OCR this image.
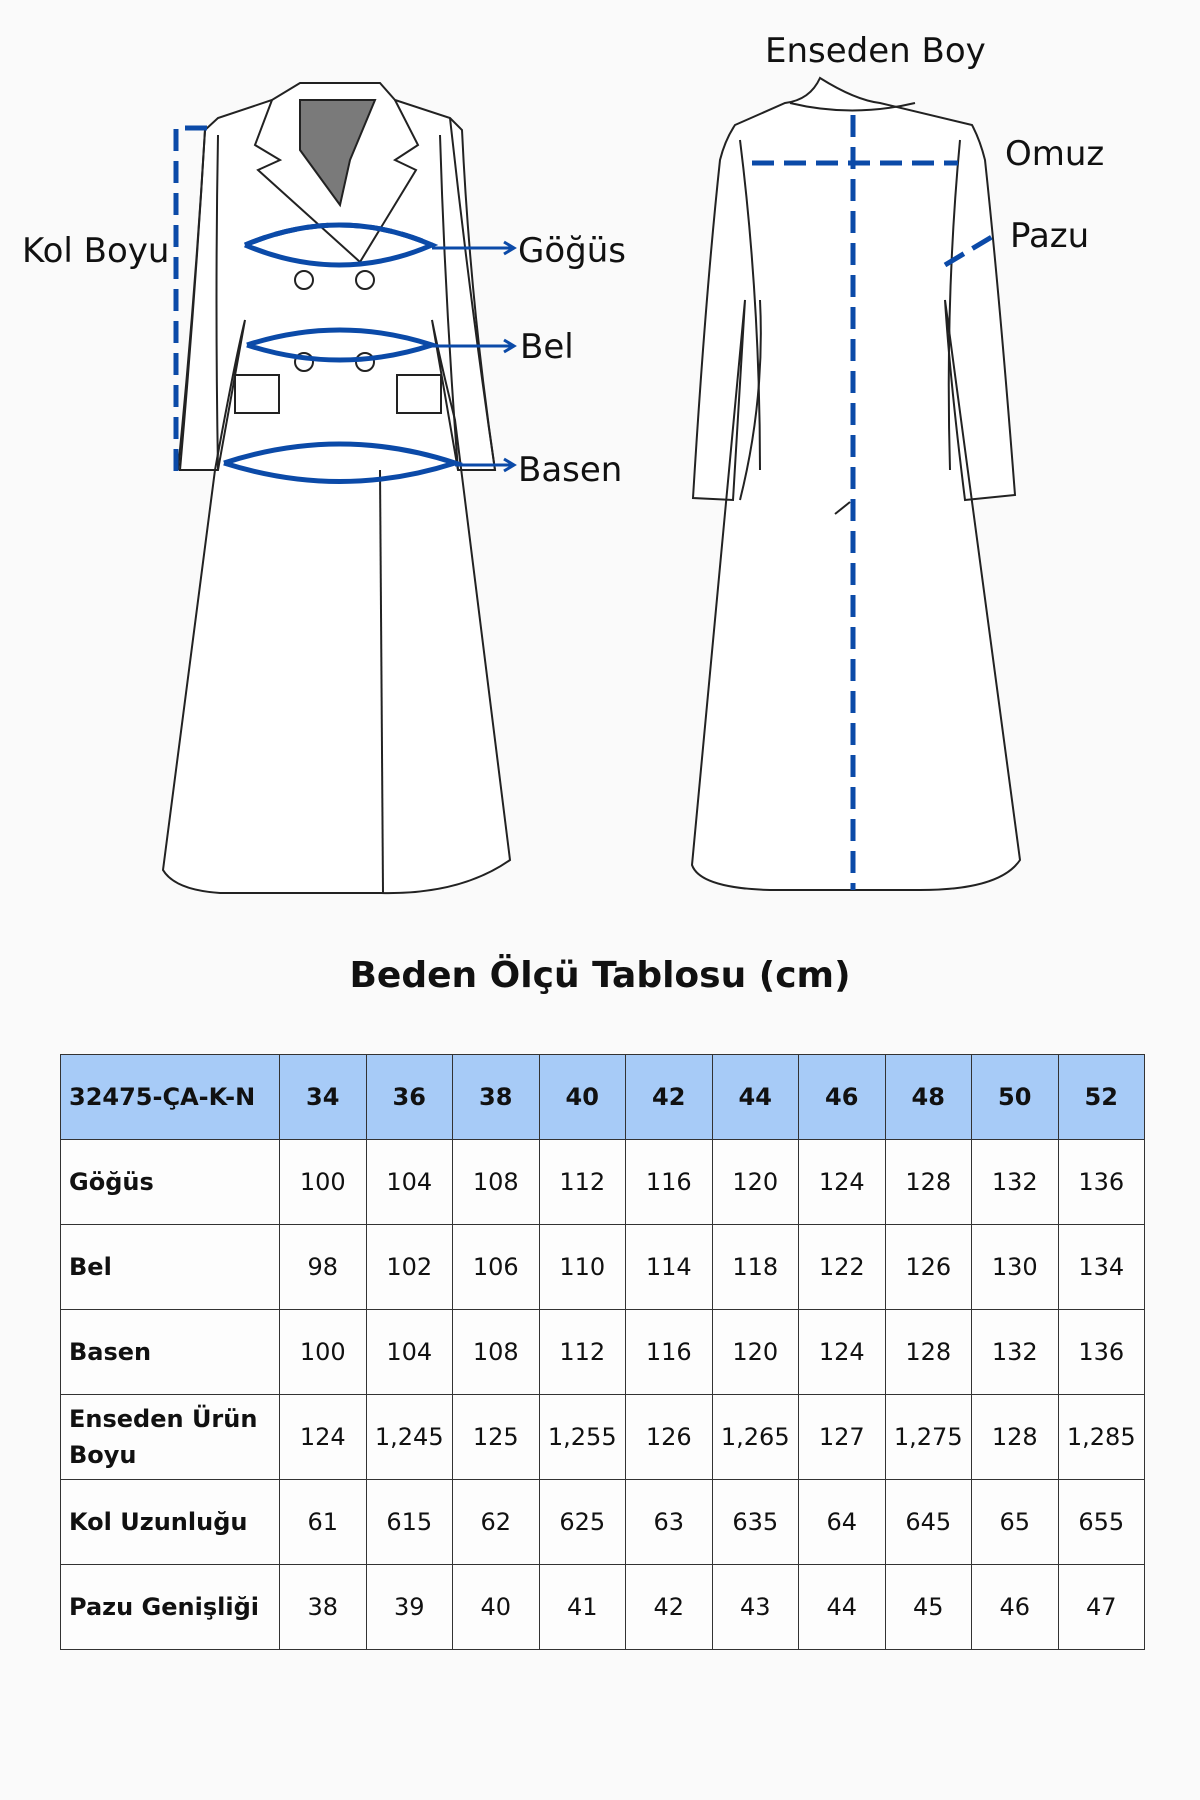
Kol Boyu	Göğüs
Bel
Basen
Enseden Boy
Omuz
Pazu
Beden Ölçü Tablosu (cm)
32475-ÇA-K-N	34	36	38	40	42	44	46	48	50	52
Göğüs	100	104	108	112	116	120	124	128	132	136
Bel	98	102	106	110	114	118	122	126	130	134
Basen	100	104	108	112	116	120	124	128	132	136
Enseden Ürün Boyu	124	1,245	125	1,255	126	1,265	127	1,275	128	1,285
Kol Uzunluğu	61	615	62	625	63	635	64	645	65	655
Pazu Genişliği	38	39	40	41	42	43	44	45	46	47
